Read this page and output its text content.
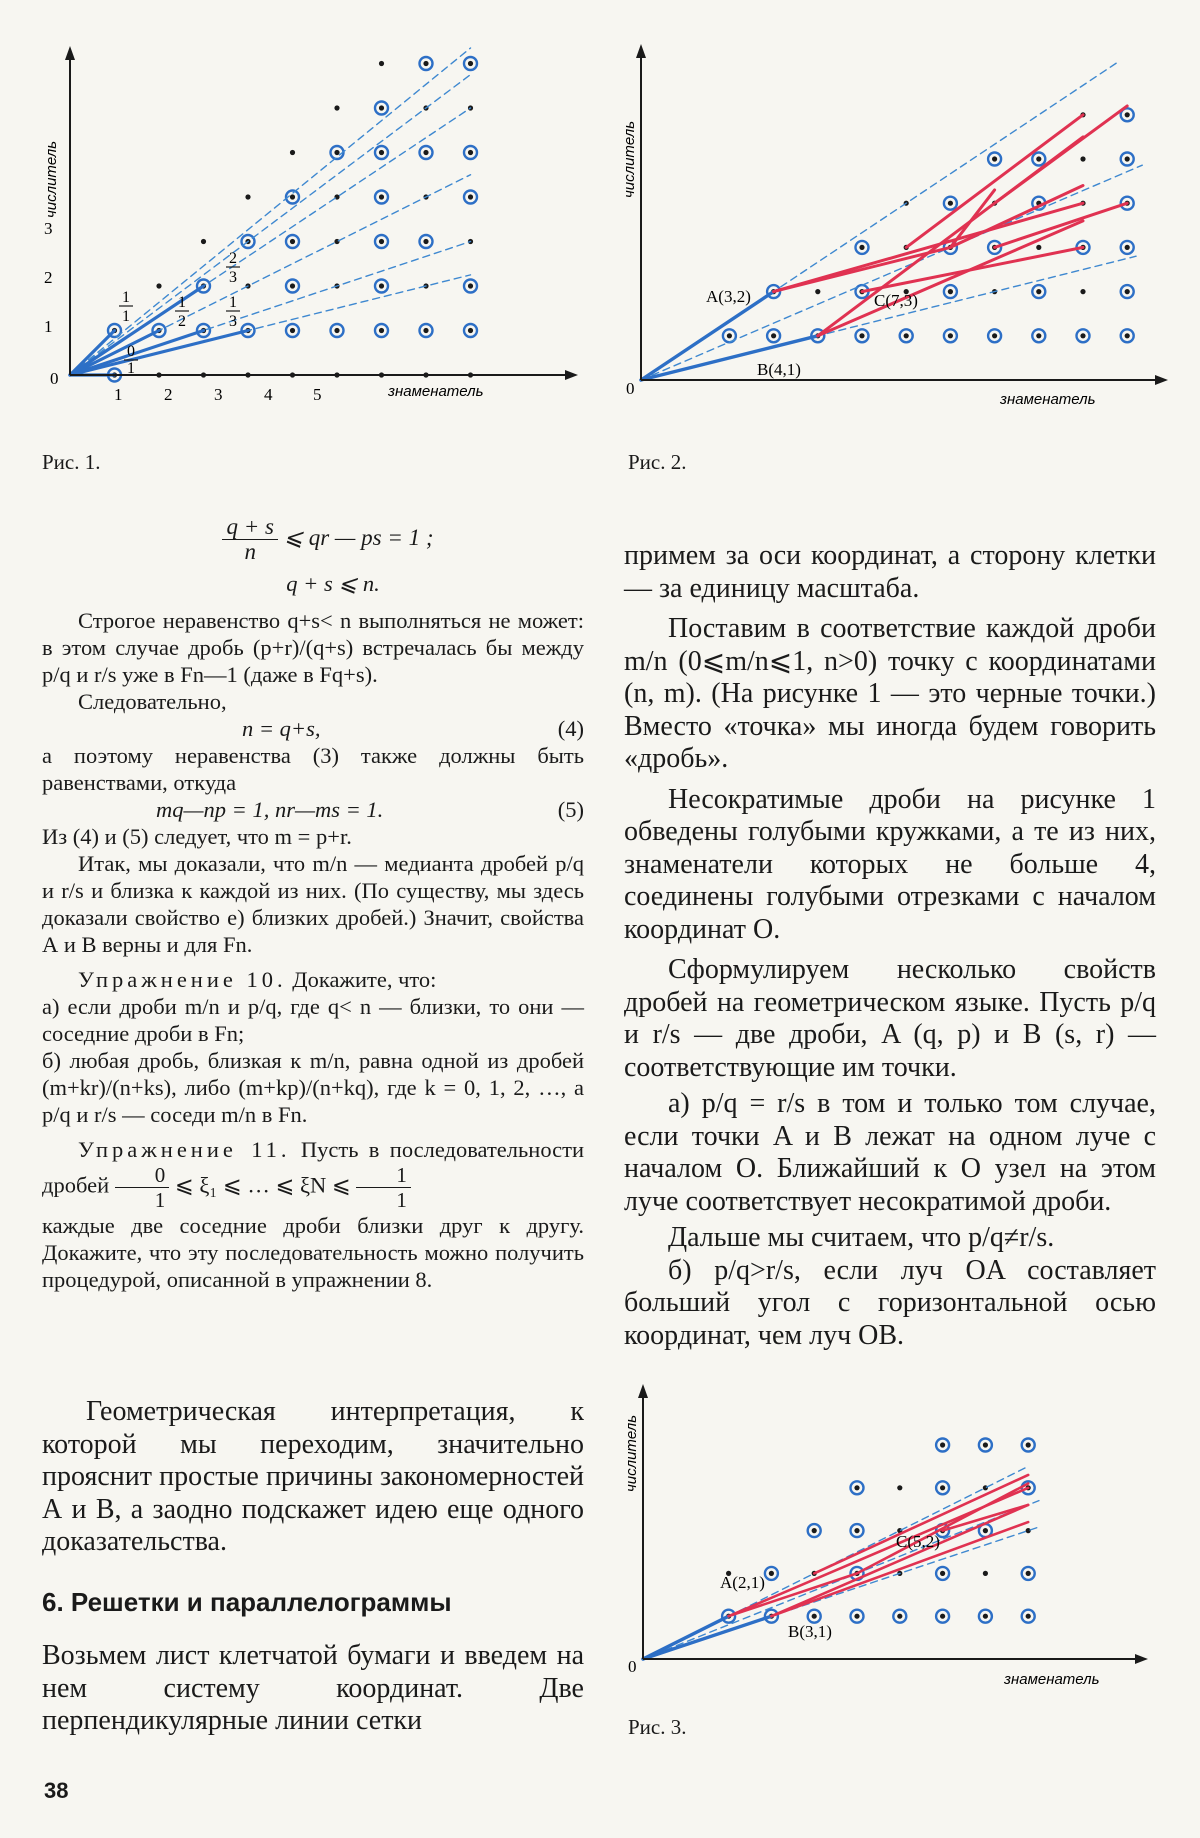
0
знаменатель
числитель
1 2 3 4 5
1
2
3
1
1
1
2
2
3
1
3
0
1
Рис. 1.
0
знаменатель
числитель
A(3,2)	C(7,3)
B(4,1)
Рис. 2.
0
знаменатель
числитель
A(2,1)
C(5,2)
B(3,1)
Рис. 3.
$\frac{q + s}{n}$ ⩽ qr — ps = 1 ;

q + s ⩽ n.

Строгое неравенство q+s< n выполняться не может: в этом случае дробь (p+r)/(q+s) встречалась бы между p/q и r/s уже в Fn—1 (даже в Fq+s).

Следовательно,

n = q+s,	(4)

а поэтому неравенства (3) также должны быть равенствами, откуда

mq—np = 1, nr—ms = 1.	(5)

Из (4) и (5) следует, что m = p+r.

Итак, мы доказали, что m/n — медианта дробей p/q и r/s и близка к каждой из них. (По существу, мы здесь доказали свойство е) близких дробей.) Значит, свойства А и В верны и для Fn.

Упражнение 10. Докажите, что:

а) если дроби m/n и p/q, где q< n — близки, то они — соседние дроби в Fn;

б) любая дробь, близкая к m/n, равна одной из дробей (m+kr)/(n+ks), либо (m+kp)/(n+kq), где k = 0, 1, 2, …, а p/q и r/s — соседи m/n в Fn.

Упражнение 11. Пусть в последовательности дробей $\frac{0}{1}$ ⩽ ξ₁ ⩽ … ⩽ ξN ⩽ $\frac{1}{1}$

каждые две соседние дроби близки друг к другу. Докажите, что эту последовательность можно получить процедурой, описанной в упражнении 8.

Геометрическая интерпретация, к которой мы переходим, значительно прояснит простые причины закономерностей А и В, а заодно подскажет идею еще одного доказательства.

6. Решетки и параллелограммы

Возьмем лист клетчатой бумаги и введем на нем систему координат. Две перпендикулярные линии сетки

примем за оси координат, а сторону клетки — за единицу масштаба.

Поставим в соответствие каждой дроби m/n (0⩽m/n⩽1, n>0) точку с координатами (n, m). (На рисунке 1 — это черные точки.) Вместо «точка» мы иногда будем говорить «дробь».

Несократимые дроби на рисунке 1 обведены голубыми кружками, а те из них, знаменатели которых не больше 4, соединены голубыми отрезками с началом координат O.

Сформулируем несколько свойств дробей на геометрическом языке. Пусть p/q и r/s — две дроби, A (q, p) и B (s, r) — соответствующие им точки.

а) p/q = r/s в том и только том случае, если точки A и B лежат на одном луче с началом O. Ближайший к O узел на этом луче соответствует несократимой дроби.

Дальше мы считаем, что p/q≠r/s.

б) p/q>r/s, если луч OA составляет больший угол с горизонтальной осью координат, чем луч OB.

38
